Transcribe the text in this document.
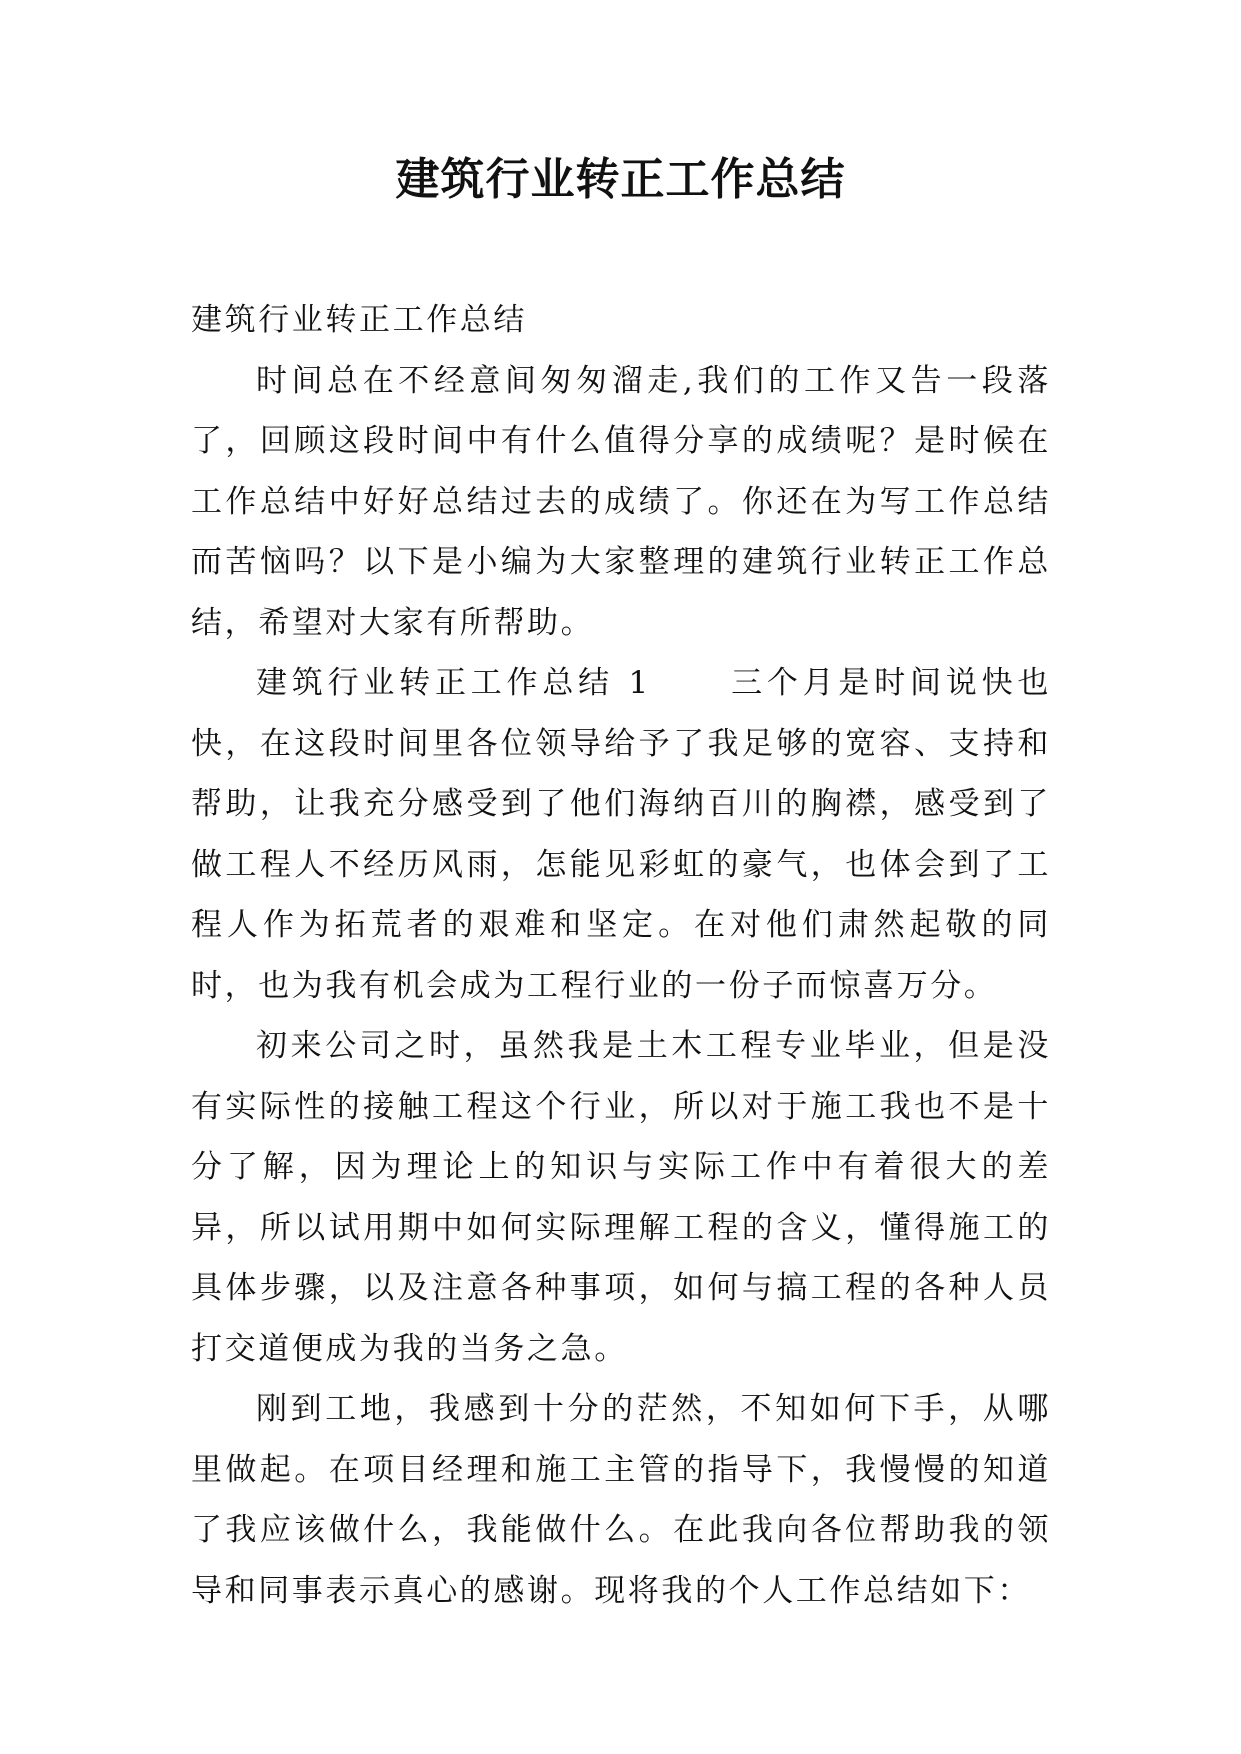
建筑行业转正工作总结

建筑行业转正工作总结

时间总在不经意间匆匆溜走,我们的工作又告一段落了，回顾这段时间中有什么值得分享的成绩呢？是时候在工作总结中好好总结过去的成绩了。你还在为写工作总结而苦恼吗？以下是小编为大家整理的建筑行业转正工作总结，希望对大家有所帮助。

建筑行业转正工作总结 1	三个月是时间说快也快，在这段时间里各位领导给予了我足够的宽容、支持和帮助，让我充分感受到了他们海纳百川的胸襟，感受到了做工程人不经历风雨，怎能见彩虹的豪气，也体会到了工程人作为拓荒者的艰难和坚定。在对他们肃然起敬的同时，也为我有机会成为工程行业的一份子而惊喜万分。

初来公司之时，虽然我是土木工程专业毕业，但是没有实际性的接触工程这个行业，所以对于施工我也不是十分了解，因为理论上的知识与实际工作中有着很大的差异，所以试用期中如何实际理解工程的含义，懂得施工的具体步骤，以及注意各种事项，如何与搞工程的各种人员打交道便成为我的当务之急。

刚到工地，我感到十分的茫然，不知如何下手，从哪里做起。在项目经理和施工主管的指导下，我慢慢的知道了我应该做什么，我能做什么。在此我向各位帮助我的领导和同事表示真心的感谢。现将我的个人工作总结如下：
